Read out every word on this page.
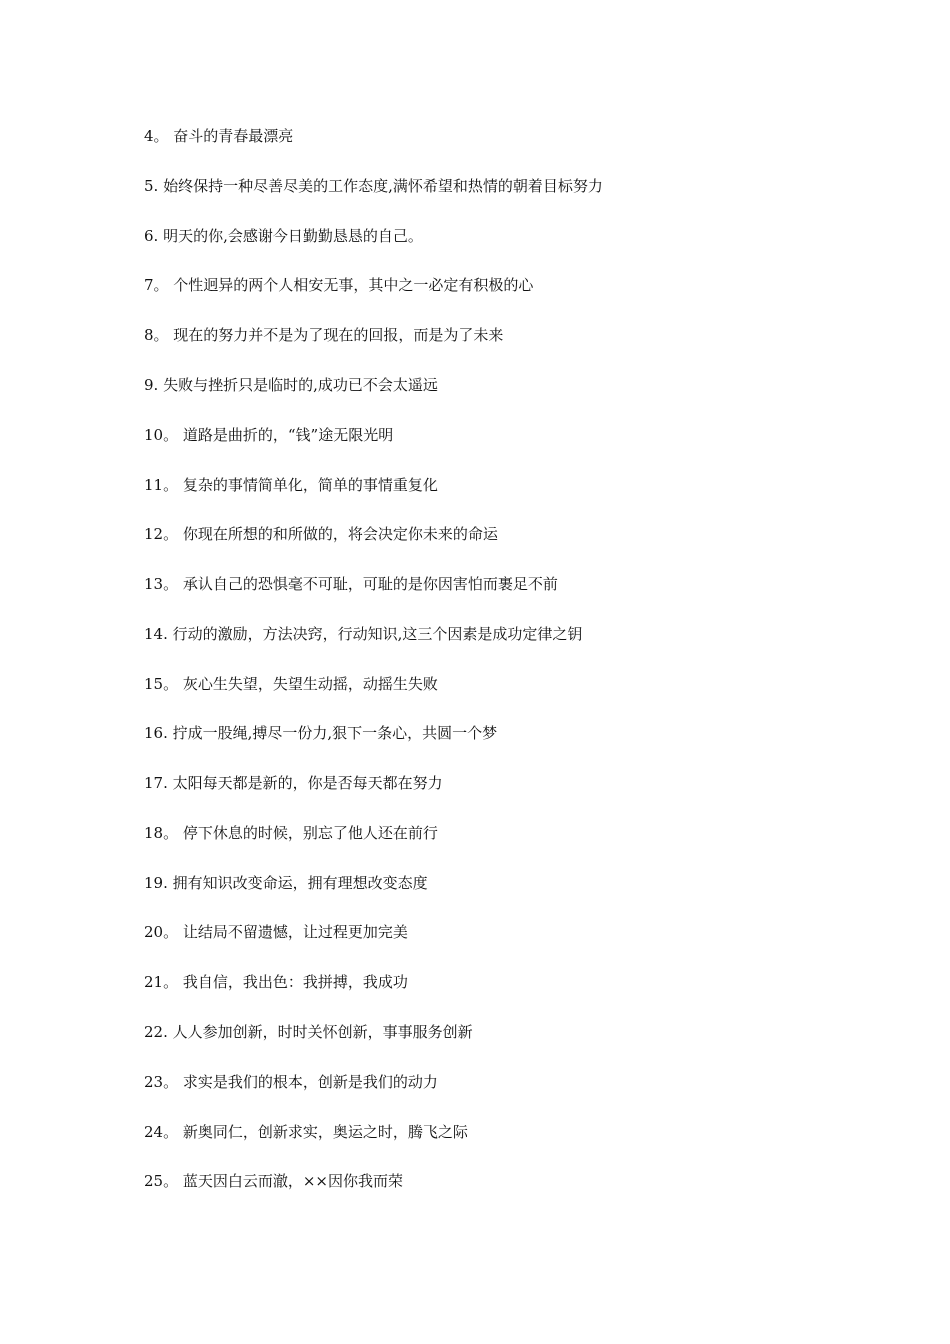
4。 奋斗的青春最漂亮
5. 始终保持一种尽善尽美的工作态度,满怀希望和热情的朝着目标努力
6. 明天的你,会感谢今日勤勤恳恳的自己。
7。 个性迥异的两个人相安无事，其中之一必定有积极的心
8。 现在的努力并不是为了现在的回报，而是为了未来
9. 失败与挫折只是临时的,成功已不会太遥远
10。 道路是曲折的，“钱”途无限光明
11。 复杂的事情简单化，简单的事情重复化
12。 你现在所想的和所做的，将会决定你未来的命运
13。 承认自己的恐惧毫不可耻，可耻的是你因害怕而裹足不前
14. 行动的激励，方法决窍，行动知识,这三个因素是成功定律之钥
15。 灰心生失望，失望生动摇，动摇生失败
16. 拧成一股绳,搏尽一份力,狠下一条心，共圆一个梦
17. 太阳每天都是新的，你是否每天都在努力
18。 停下休息的时候，别忘了他人还在前行
19. 拥有知识改变命运，拥有理想改变态度
20。 让结局不留遗憾，让过程更加完美
21。 我自信，我出色：我拼搏，我成功
22. 人人参加创新，时时关怀创新，事事服务创新
23。 求实是我们的根本，创新是我们的动力
24。 新奥同仁，创新求实，奥运之时，腾飞之际
25。 蓝天因白云而澈，××因你我而荣
